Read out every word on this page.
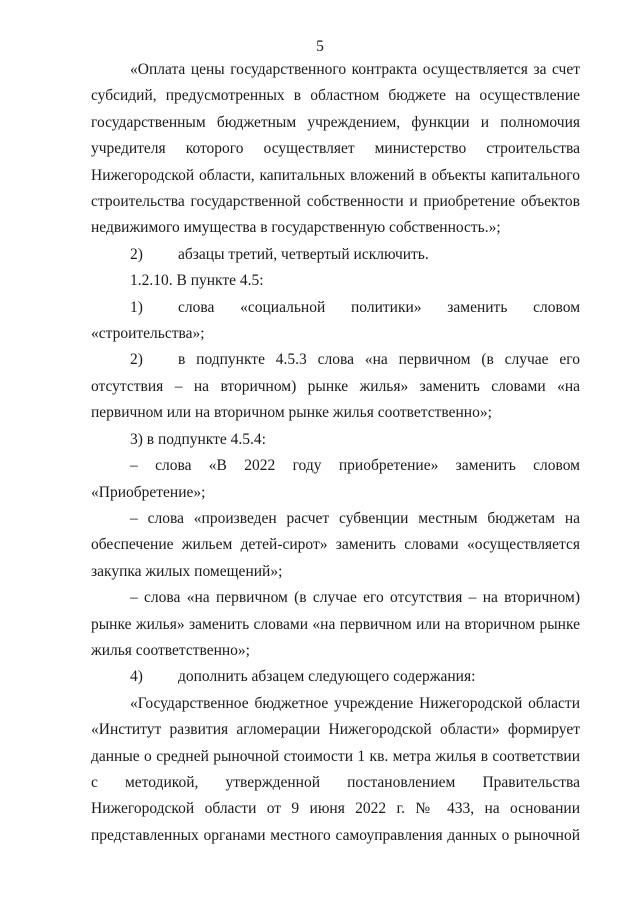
5

«Оплата цены государственного контракта осуществляется за счет субсидий, предусмотренных в областном бюджете на осуществление государственным бюджетным учреждением, функции и полномочия учредителя которого осуществляет министерство строительства Нижегородской области, капитальных вложений в объекты капитального строительства государственной собственности и приобретение объектов недвижимого имущества в государственную собственность.»;

2) абзацы третий, четвертый исключить.

1.2.10. В пункте 4.5:

1) слова «социальной политики» заменить словом «строительства»;

2) в подпункте 4.5.3 слова «на первичном (в случае его отсутствия – на вторичном) рынке жилья» заменить словами «на первичном или на вторичном рынке жилья соответственно»;

3) в подпункте 4.5.4:

– слова «В 2022 году приобретение» заменить словом «Приобретение»;

– слова «произведен расчет субвенции местным бюджетам на обеспечение жильем детей-сирот» заменить словами «осуществляется закупка жилых помещений»;

– слова «на первичном (в случае его отсутствия – на вторичном) рынке жилья» заменить словами «на первичном или на вторичном рынке жилья соответственно»;

4) дополнить абзацем следующего содержания:

«Государственное бюджетное учреждение Нижегородской области «Институт развития агломерации Нижегородской области» формирует данные о средней рыночной стоимости 1 кв. метра жилья в соответствии с методикой, утвержденной постановлением Правительства Нижегородской области от 9 июня 2022 г. № 433, на основании представленных органами местного самоуправления данных о рыночной
